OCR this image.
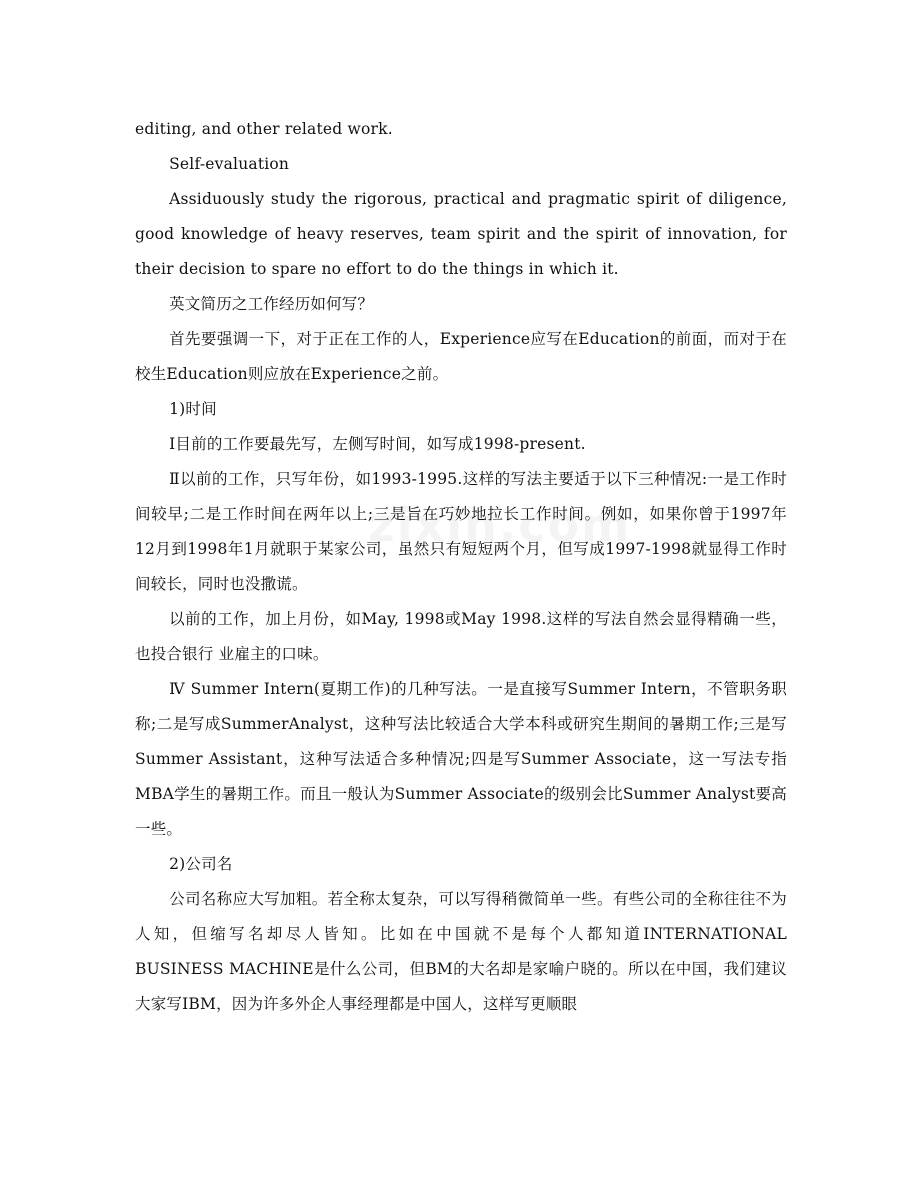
editing, and other related work.

Self-evaluation

Assiduously study the rigorous, practical and pragmatic spirit of diligence, good knowledge of heavy reserves, team spirit and the spirit of innovation, for their decision to spare no effort to do the things in which it.

英文简历之工作经历如何写？

首先要强调一下，对于正在工作的人，Experience应写在Education的前面，而对于在校生Education则应放在Experience之前。

1)时间

Ⅰ目前的工作要最先写，左侧写时间，如写成1998-present.

Ⅱ以前的工作，只写年份，如1993-1995.这样的写法主要适于以下三种情况:一是工作时间较早;二是工作时间在两年以上;三是旨在巧妙地拉长工作时间。例如，如果你曾于1997年12月到1998年1月就职于某家公司，虽然只有短短两个月，但写成1997-1998就显得工作时间较长，同时也没撒谎。

以前的工作，加上月份，如May, 1998或May 1998.这样的写法自然会显得精确一些，也投合银行 业雇主的口味。

Ⅳ Summer Intern(夏期工作)的几种写法。一是直接写Summer Intern，不管职务职称;二是写成SummerAnalyst，这种写法比较适合大学本科或研究生期间的暑期工作;三是写Summer Assistant，这种写法适合多种情况;四是写Summer Associate，这一写法专指MBA学生的暑期工作。而且一般认为Summer Associate的级别会比Summer Analyst要高一些。

2)公司名

公司名称应大写加粗。若全称太复杂，可以写得稍微简单一些。有些公司的全称往往不为人知，但缩写名却尽人皆知。比如在中国就不是每个人都知道INTERNATIONAL BUSINESS MACHINE是什么公司，但BM的大名却是家喻户晓的。所以在中国，我们建议大家写IBM，因为许多外企人事经理都是中国人，这样写更顺眼
